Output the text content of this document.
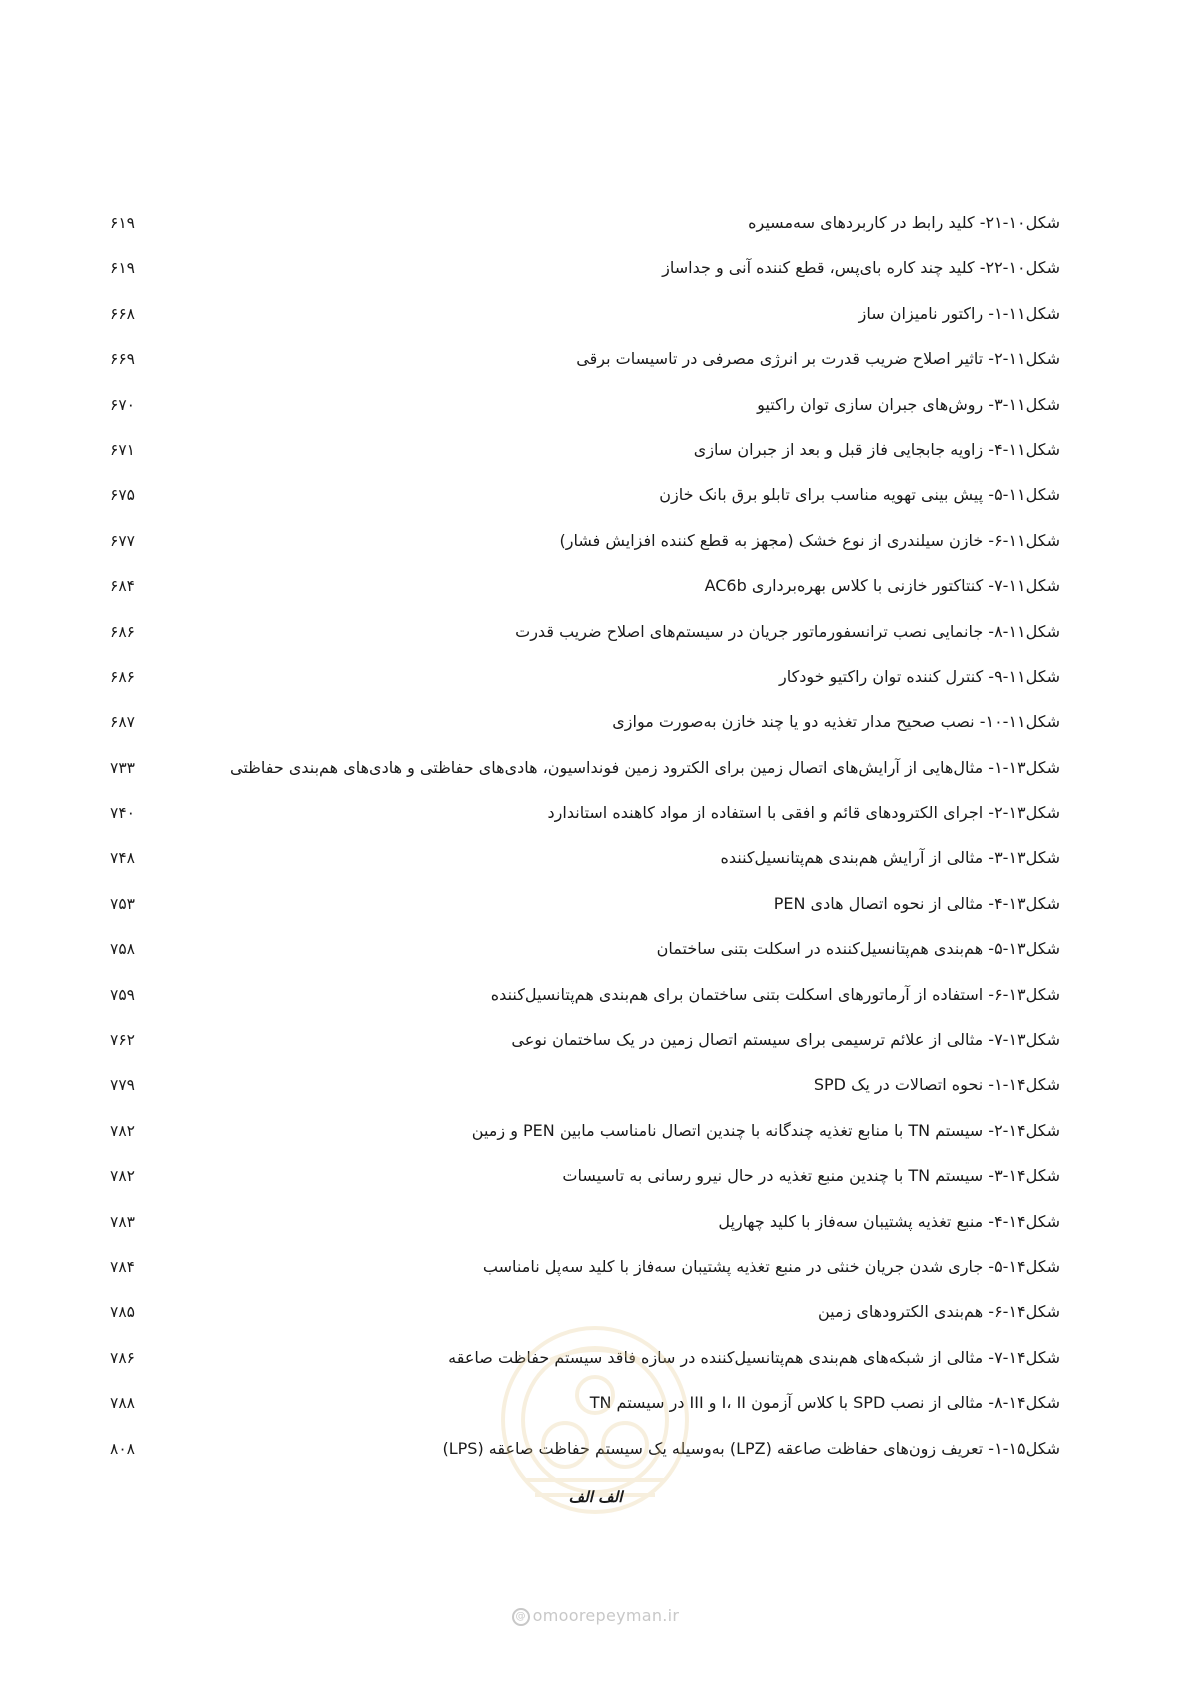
شکل۱۰-۲۱- کلید رابط در کاربردهای سه‌مسیره
۶۱۹
شکل۱۰-۲۲- کلید چند کاره بای‌پس، قطع کننده آنی و جداساز
۶۱۹
شکل۱۱-۱- راکتور نامیزان ساز
۶۶۸
شکل۱۱-۲- تاثیر اصلاح ضریب قدرت بر انرژی مصرفی در تاسیسات برقی
۶۶۹
شکل۱۱-۳- روش‌های جبران سازی توان راکتیو
۶۷۰
شکل۱۱-۴- زاویه جابجایی فاز قبل و بعد از جبران سازی
۶۷۱
شکل۱۱-۵- پیش بینی تهویه مناسب برای تابلو برق بانک خازن
۶۷۵
شکل۱۱-۶- خازن سیلندری از نوع خشک (مجهز به قطع کننده افزایش فشار)
۶۷۷
شکل۱۱-۷- کنتاکتور خازنی با کلاس بهره‌برداری AC6b
۶۸۴
شکل۱۱-۸- جانمایی نصب ترانسفورماتور جریان در سیستم‌های اصلاح ضریب قدرت
۶۸۶
شکل۱۱-۹- کنترل کننده توان راکتیو خودکار
۶۸۶
شکل۱۱-۱۰- نصب صحیح مدار تغذیه دو یا چند خازن به‌صورت موازی
۶۸۷
شکل۱۳-۱- مثال‌هایی از آرایش‌های اتصال زمین برای الکترود زمین فونداسیون، هادی‌های حفاظتی و هادی‌های هم‌بندی حفاظتی
۷۳۳
شکل۱۳-۲- اجرای الکترودهای قائم و افقی با استفاده از مواد کاهنده استاندارد
۷۴۰
شکل۱۳-۳- مثالی از آرایش هم‌بندی هم‌پتانسیل‌کننده
۷۴۸
شکل۱۳-۴- مثالی از نحوه اتصال هادی PEN
۷۵۳
شکل۱۳-۵- هم‌بندی هم‌پتانسیل‌کننده در اسکلت بتنی ساختمان
۷۵۸
شکل۱۳-۶- استفاده از آرماتورهای اسکلت بتنی ساختمان برای هم‌بندی هم‌پتانسیل‌کننده
۷۵۹
شکل۱۳-۷- مثالی از علائم ترسیمی برای سیستم اتصال زمین در یک ساختمان نوعی
۷۶۲
شکل۱۴-۱- نحوه اتصالات در یک SPD
۷۷۹
شکل۱۴-۲- سیستم TN با منابع تغذیه چندگانه با چندین اتصال نامناسب مابین PEN و زمین
۷۸۲
شکل۱۴-۳- سیستم TN با چندین منبع تغذیه در حال نیرو رسانی به تاسیسات
۷۸۲
شکل۱۴-۴- منبع تغذیه پشتیبان سه‌فاز با کلید چهارپل
۷۸۳
شکل۱۴-۵- جاری شدن جریان خنثی در منبع تغذیه پشتیبان سه‌فاز با کلید سه‌پل نامناسب
۷۸۴
شکل۱۴-۶- هم‌بندی الکترودهای زمین
۷۸۵
شکل۱۴-۷- مثالی از شبکه‌های هم‌بندی هم‌پتانسیل‌کننده در سازه فاقد سیستم حفاظت صاعقه
۷۸۶
شکل۱۴-۸- مثالی از نصب SPD با کلاس آزمون I، II و III در سیستم TN
۷۸۸
شکل۱۵-۱- تعریف زون‌های حفاظت صاعقه (LPZ) به‌وسیله یک سیستم حفاظت صاعقه (LPS)
۸۰۸
الف الف
@ omoorepeyman.ir
